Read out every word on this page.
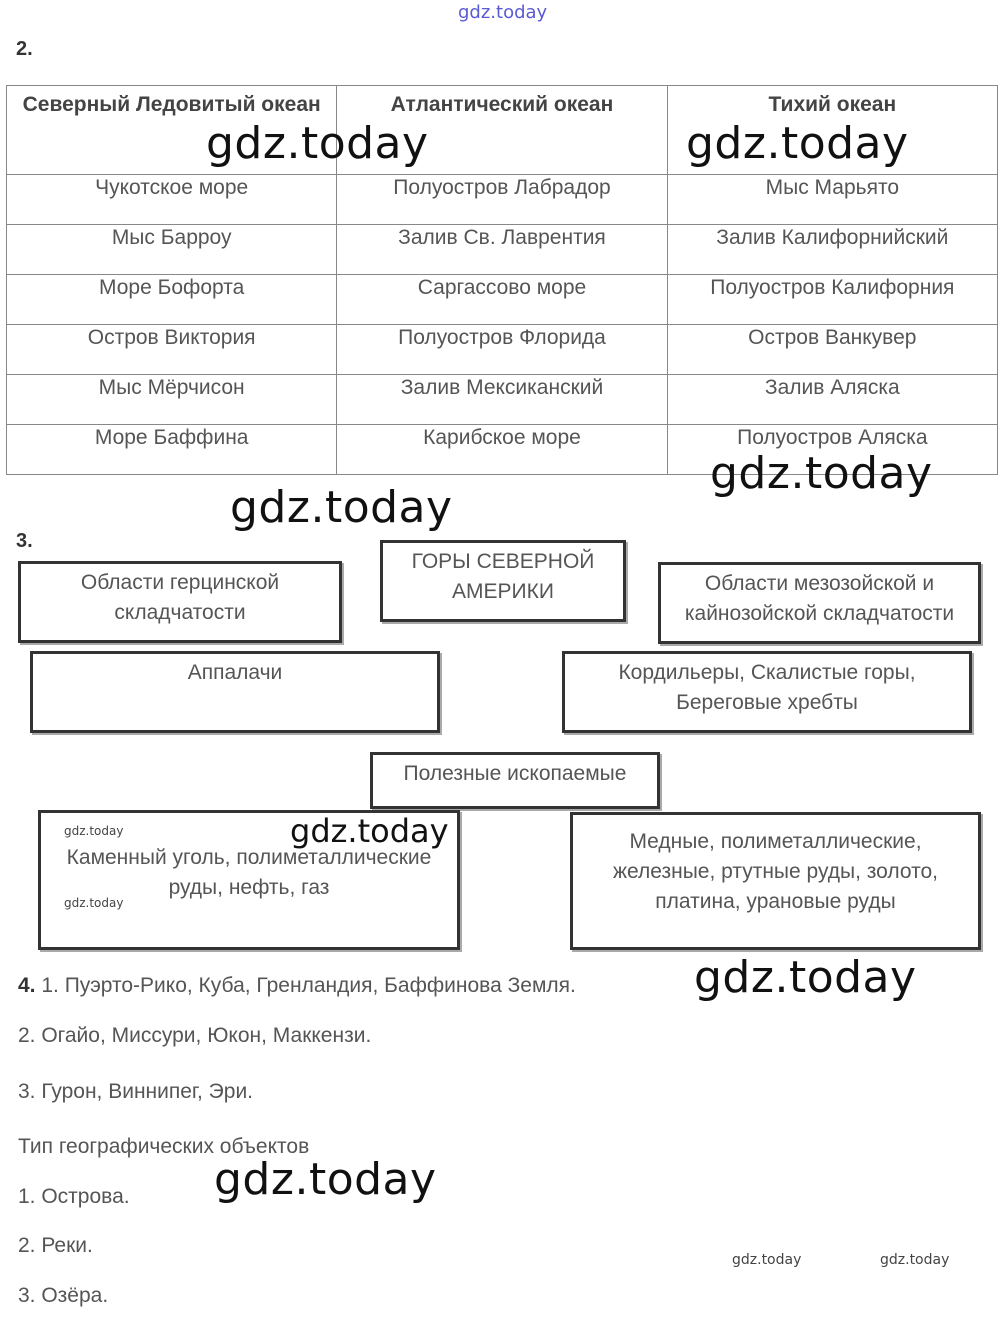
gdz.today
2.
Северный Ледовитый океан	Атлантический океан	Тихий океан
Чукотское море	Полуостров Лабрадор	Мыс Марьято
Мыс Барроу	Залив Св. Лаврентия	Залив Калифорнийский
Море Бофорта	Саргассово море	Полуостров Калифорния
Остров Виктория	Полуостров Флорида	Остров Ванкувер
Мыс Мёрчисон	Залив Мексиканский	Залив Аляска
Море Баффина	Карибское море	Полуостров Аляска
gdz.today	gdz.today
gdz.today
gdz.today
3.
ГОРЫ СЕВЕРНОЙ АМЕРИКИ
Области герцинской складчатости
Области мезозойской и кайнозойской складчатости
Аппалачи	Кордильеры, Скалистые горы, Береговые хребты
Полезные ископаемые
Каменный уголь, полиметаллические руды, нефть, газ
Медные, полиметаллические, железные, ртутные руды, золото, платина, урановые руды
gdz.today
gdz.today
gdz.today
gdz.today
4. 1. Пуэрто-Рико, Куба, Гренландия, Баффинова Земля.
2. Огайо, Миссури, Юкон, Маккензи.
3. Гурон, Виннипег, Эри.
Тип географических объектов
1. Острова.
2. Реки.
3. Озёра.
gdz.today
gdz.today	gdz.today
